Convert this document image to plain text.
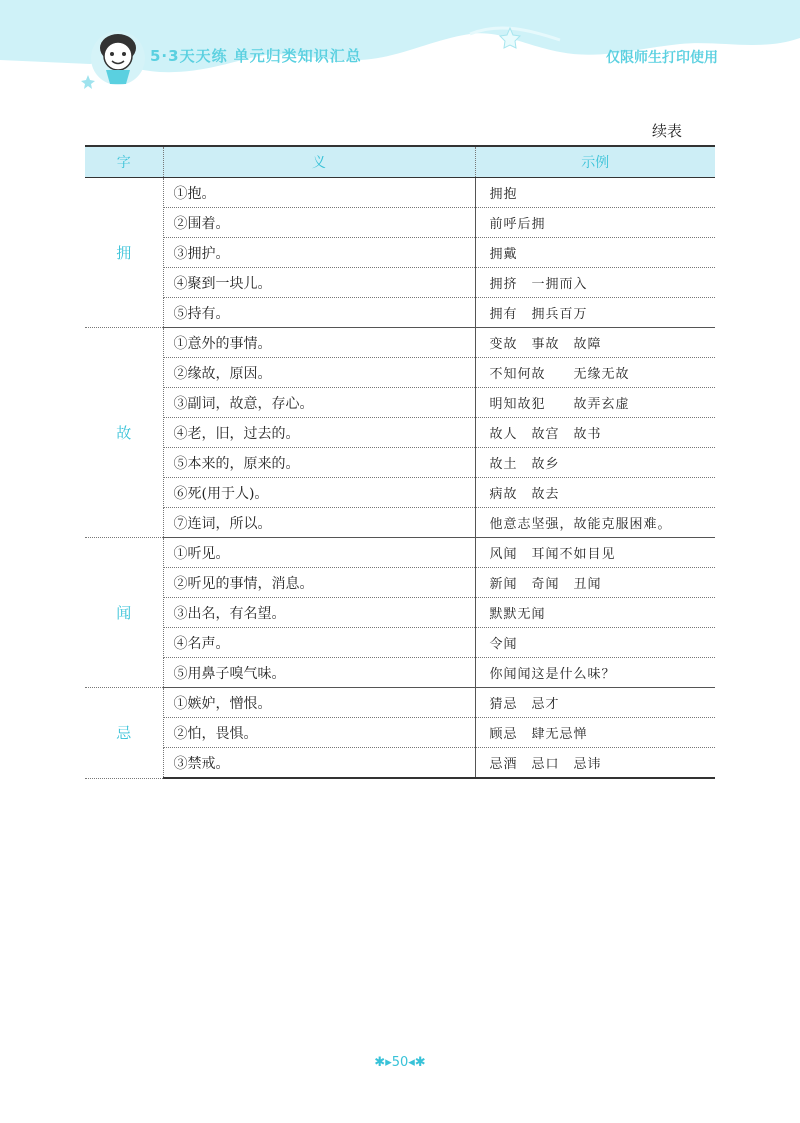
5·3天天练 单元归类知识汇总	仅限师生打印使用
续表
字	义	示例
拥	①抱。	拥抱
	②围着。	前呼后拥
	③拥护。	拥戴
	④聚到一块儿。	拥挤　一拥而入
	⑤持有。	拥有　拥兵百万
故	①意外的事情。	变故　事故　故障
	②缘故，原因。	不知何故　　无缘无故
	③副词，故意，存心。	明知故犯　　故弄玄虚
	④老，旧，过去的。	故人　故宫　故书
	⑤本来的，原来的。	故土　故乡
	⑥死(用于人)。	病故　故去
	⑦连词，所以。	他意志坚强，故能克服困难。
闻	①听见。	风闻　耳闻不如目见
	②听见的事情，消息。	新闻　奇闻　丑闻
	③出名，有名望。	默默无闻
	④名声。	令闻
	⑤用鼻子嗅气味。	你闻闻这是什么味？
忌	①嫉妒，憎恨。	猜忌　忌才
	②怕，畏惧。	顾忌　肆无忌惮
	③禁戒。	忌酒　忌口　忌讳
✱▸50◂✱
